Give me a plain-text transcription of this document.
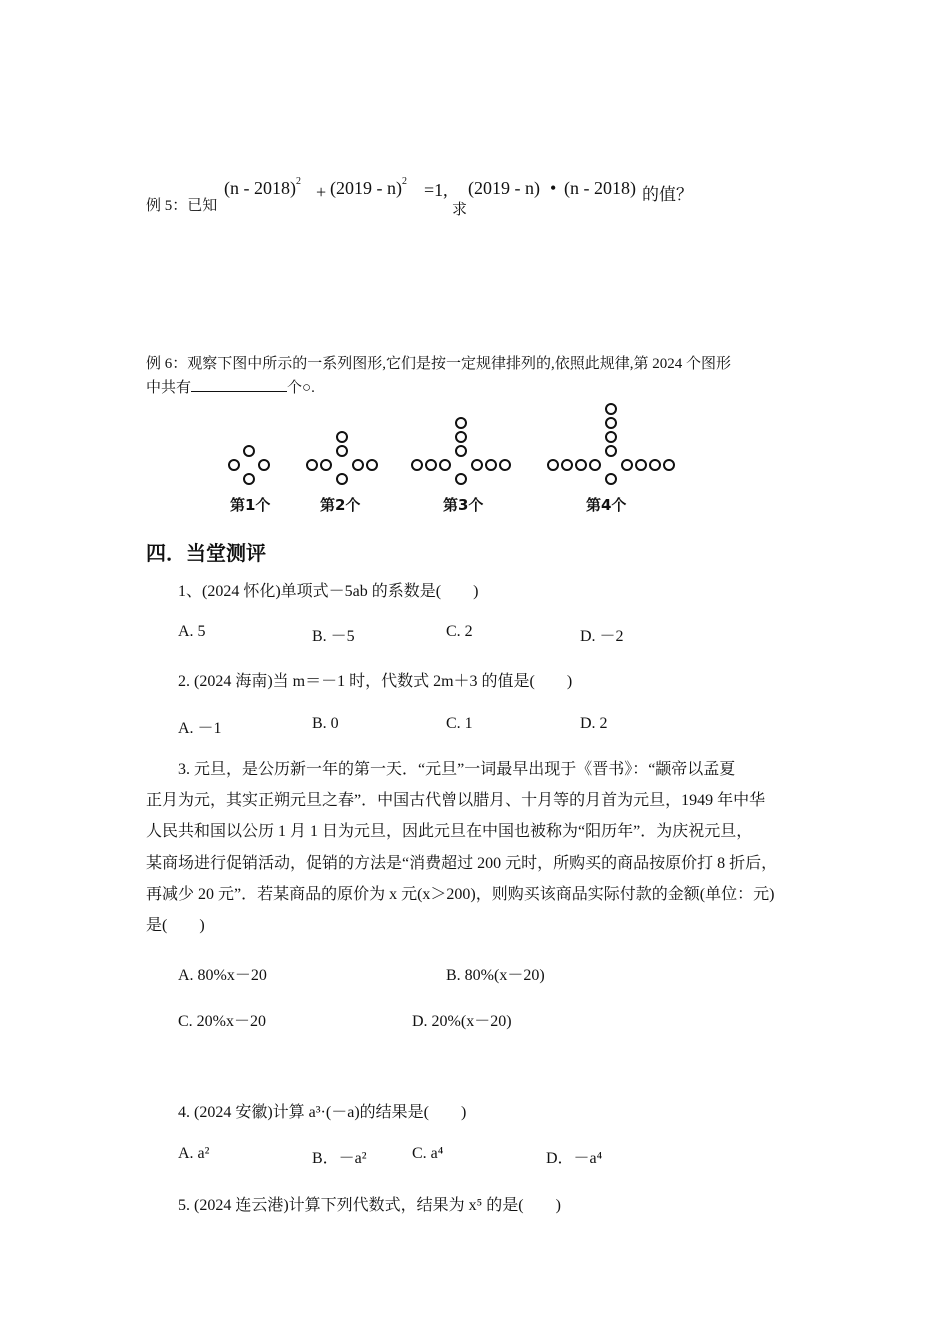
例 5：已知
(n - 2018)$^2$
+ (2019 - n)$^2$ =1,
求
(2019 - n) • (n - 2018) 的值？
例 6：观察下图中所示的一系列图形,它们是按一定规律排列的,依照此规律,第 2024 个图形
中共有	个○.
第1个	第2个	第3个	第4个
四．当堂测评
1、(2024 怀化)单项式－5ab 的系数是(　　)
A. 5	B. －5	C. 2	D. －2
2. (2024 海南)当 m＝－1 时，代数式 2m＋3 的值是(　　)
A. －1	B. 0	C. 1	D. 2
3. 元旦，是公历新一年的第一天．“元旦”一词最早出现于《晋书》：“颛帝以孟夏
正月为元，其实正朔元旦之春”．中国古代曾以腊月、十月等的月首为元旦，1949 年中华
人民共和国以公历 1 月 1 日为元旦，因此元旦在中国也被称为“阳历年”．为庆祝元旦，
某商场进行促销活动，促销的方法是“消费超过 200 元时，所购买的商品按原价打 8 折后，
再减少 20 元”．若某商品的原价为 x 元(x＞200)，则购买该商品实际付款的金额(单位：元)
是(　　)
A. 80%x－20	B. 80%(x－20)
C. 20%x－20	D. 20%(x－20)
4. (2024 安徽)计算 a³·(－a)的结果是(　　)
A. a²	B．－a²	C. a⁴	D．－a⁴
5. (2024 连云港)计算下列代数式，结果为 x⁵ 的是(　　)
